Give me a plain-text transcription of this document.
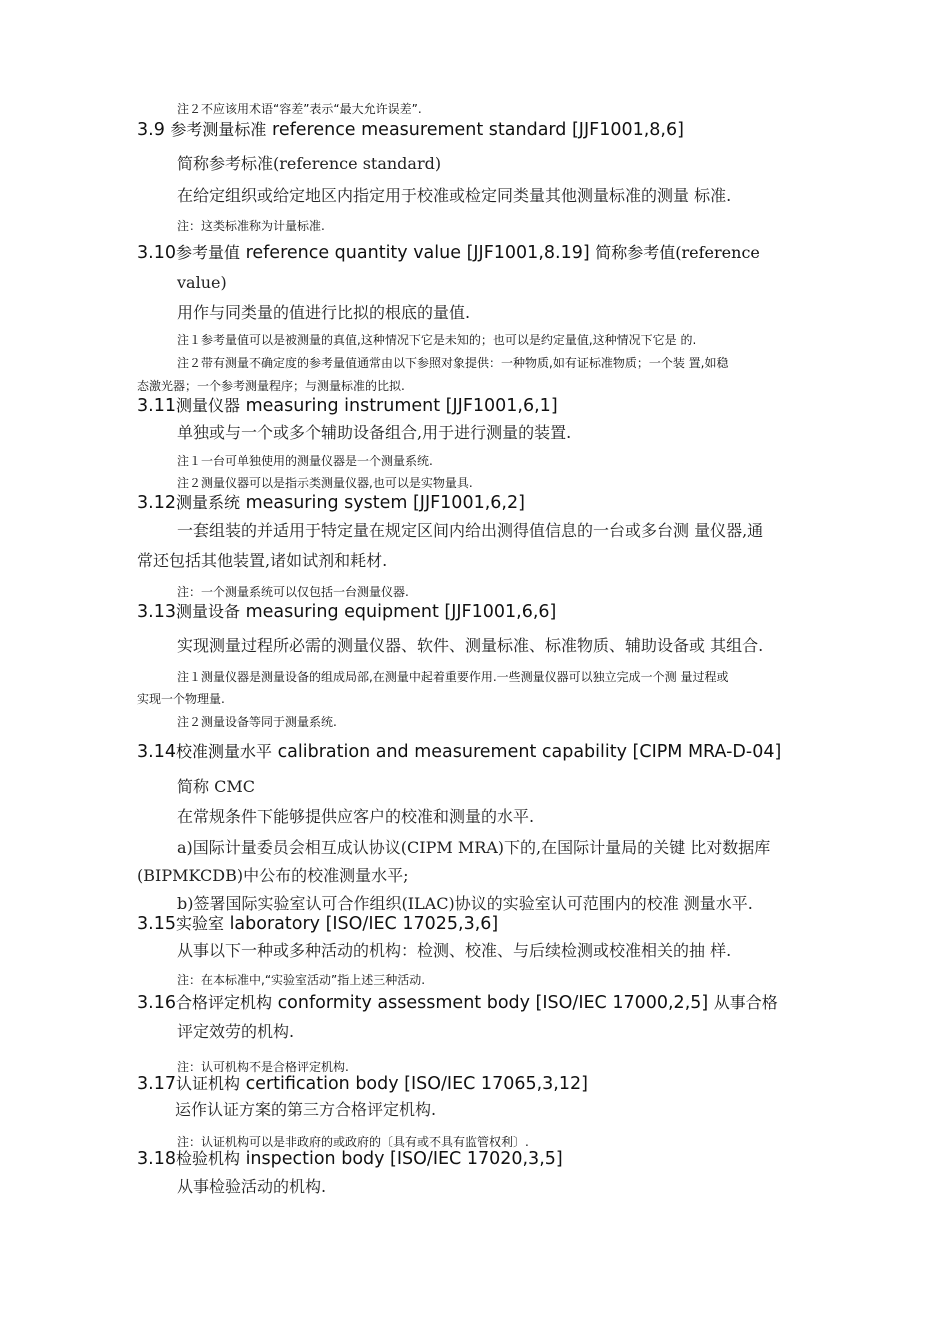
注２不应该用术语“容差”表示“最大允许误差”.
3.9 参考测量标准 reference measurement standard [JJF1001,8,6]
简称参考标准(reference standard)
在给定组织或给定地区内指定用于校准或检定同类量其他测量标准的测量 标准.
注：这类标准称为计量标准.
3.10参考量值 reference quantity value [JJF1001,8.19] 简称参考值(reference
value)
用作与同类量的值进行比拟的根底的量值.
注１参考量值可以是被测量的真值,这种情况下它是未知的；也可以是约定量值,这种情况下它是 的.
注２带有测量不确定度的参考量值通常由以下参照对象提供：一种物质,如有证标准物质；一个装 置,如稳
态激光器；一个参考测量程序；与测量标准的比拟.
3.11测量仪器 measuring instrument [JJF1001,6,1]
单独或与一个或多个辅助设备组合,用于进行测量的装置.
注１一台可单独使用的测量仪器是一个测量系统.
注２测量仪器可以是指示类测量仪器,也可以是实物量具.
3.12测量系统 measuring system [JJF1001,6,2]
一套组装的并适用于特定量在规定区间内给出测得值信息的一台或多台测 量仪器,通
常还包括其他装置,诸如试剂和耗材.
注：一个测量系统可以仅包括一台测量仪器.
3.13测量设备 measuring equipment [JJF1001,6,6]
实现测量过程所必需的测量仪器、软件、测量标准、标准物质、辅助设备或 其组合.
注１测量仪器是测量设备的组成局部,在测量中起着重要作用.一些测量仪器可以独立完成一个测 量过程或
实现一个物理量.
注２测量设备等同于测量系统.
3.14校准测量水平 calibration and measurement capability [CIPM MRA-D-04]
简称 CMC
在常规条件下能够提供应客户的校准和测量的水平.
a)国际计量委员会相互成认协议(CIPM MRA)下的,在国际计量局的关键 比对数据库
(BIPMKCDB)中公布的校准测量水平;
b)签署国际实验室认可合作组织(ILAC)协议的实验室认可范围内的校准 测量水平.
3.15实验室 laboratory [ISO/IEC 17025,3,6]
从事以下一种或多种活动的机构：检测、校准、与后续检测或校准相关的抽 样.
注：在本标准中,“实验室活动”指上述三种活动.
3.16合格评定机构 conformity assessment body [ISO/IEC 17000,2,5] 从事合格
评定效劳的机构.
注：认可机构不是合格评定机构.
3.17认证机构 certification body [ISO/IEC 17065,3,12]
运作认证方案的第三方合格评定机构.
注：认证机构可以是非政府的或政府的〔具有或不具有监管权利〕.
3.18检验机构 inspection body [ISO/IEC 17020,3,5]
从事检验活动的机构.
